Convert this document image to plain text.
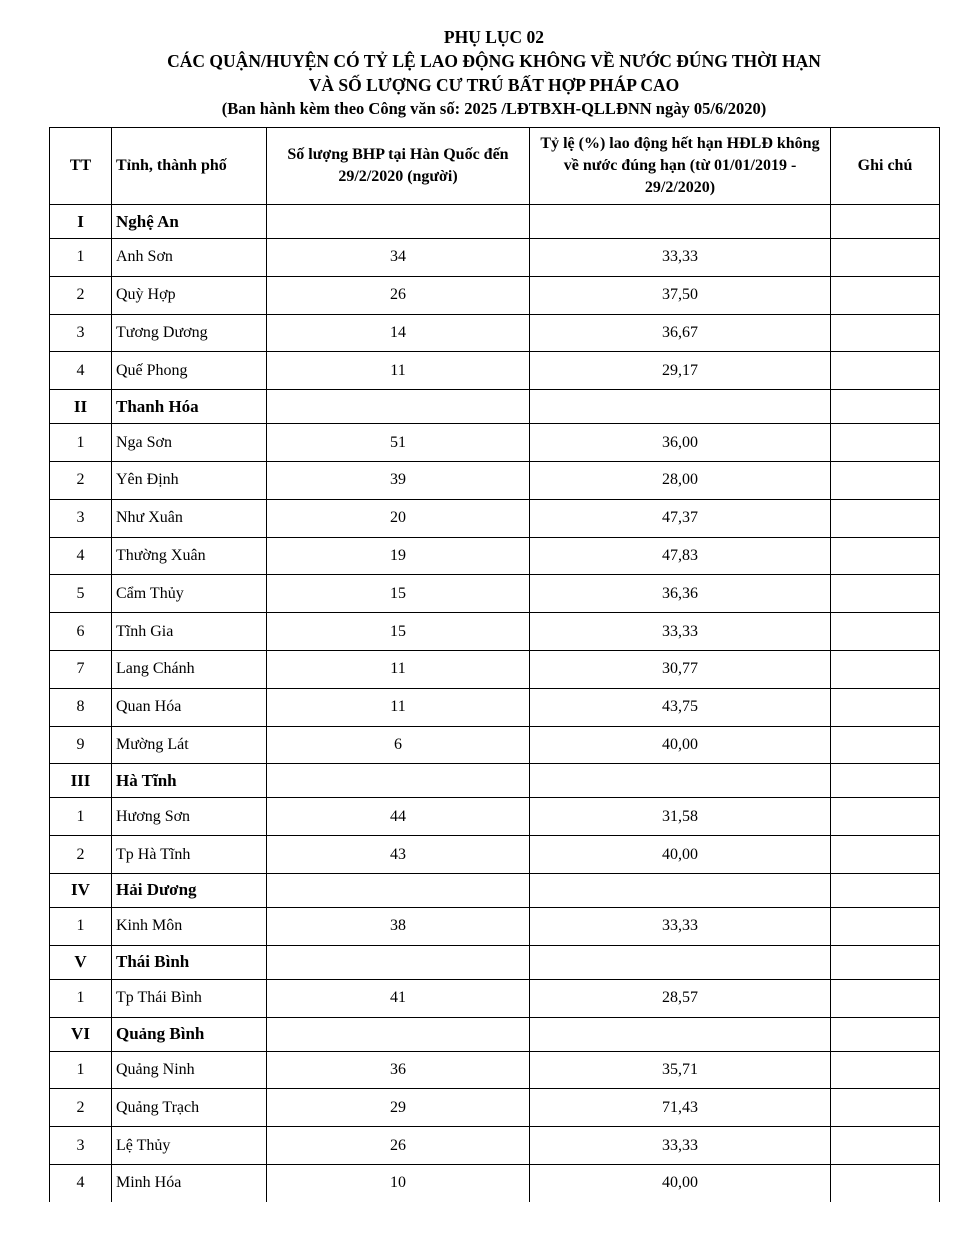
PHỤ LỤC 02
CÁC QUẬN/HUYỆN CÓ TỶ LỆ LAO ĐỘNG KHÔNG VỀ NƯỚC ĐÚNG THỜI HẠN
VÀ SỐ LƯỢNG CƯ TRÚ BẤT HỢP PHÁP CAO
(Ban hành kèm theo Công văn số: 2025 /LĐTBXH-QLLĐNN ngày 05/6/2020)
TT	Tỉnh, thành phố	Số lượng BHP tại Hàn Quốc đến 29/2/2020 (người)	Tỷ lệ (%) lao động hết hạn HĐLĐ không về nước đúng hạn (từ 01/01/2019 - 29/2/2020)	Ghi chú
I	Nghệ An			
1	Anh Sơn	34	33,33	
2	Quỳ Hợp	26	37,50	
3	Tương Dương	14	36,67	
4	Quế Phong	11	29,17	
II	Thanh Hóa			
1	Nga Sơn	51	36,00	
2	Yên Định	39	28,00	
3	Như Xuân	20	47,37	
4	Thường Xuân	19	47,83	
5	Cẩm Thủy	15	36,36	
6	Tĩnh Gia	15	33,33	
7	Lang Chánh	11	30,77	
8	Quan Hóa	11	43,75	
9	Mường Lát	6	40,00	
III	Hà Tĩnh			
1	Hương Sơn	44	31,58	
2	Tp Hà Tĩnh	43	40,00	
IV	Hải Dương			
1	Kinh Môn	38	33,33	
V	Thái Bình			
1	Tp Thái Bình	41	28,57	
VI	Quảng Bình			
1	Quảng Ninh	36	35,71	
2	Quảng Trạch	29	71,43	
3	Lệ Thủy	26	33,33	
4	Minh Hóa	10	40,00	
